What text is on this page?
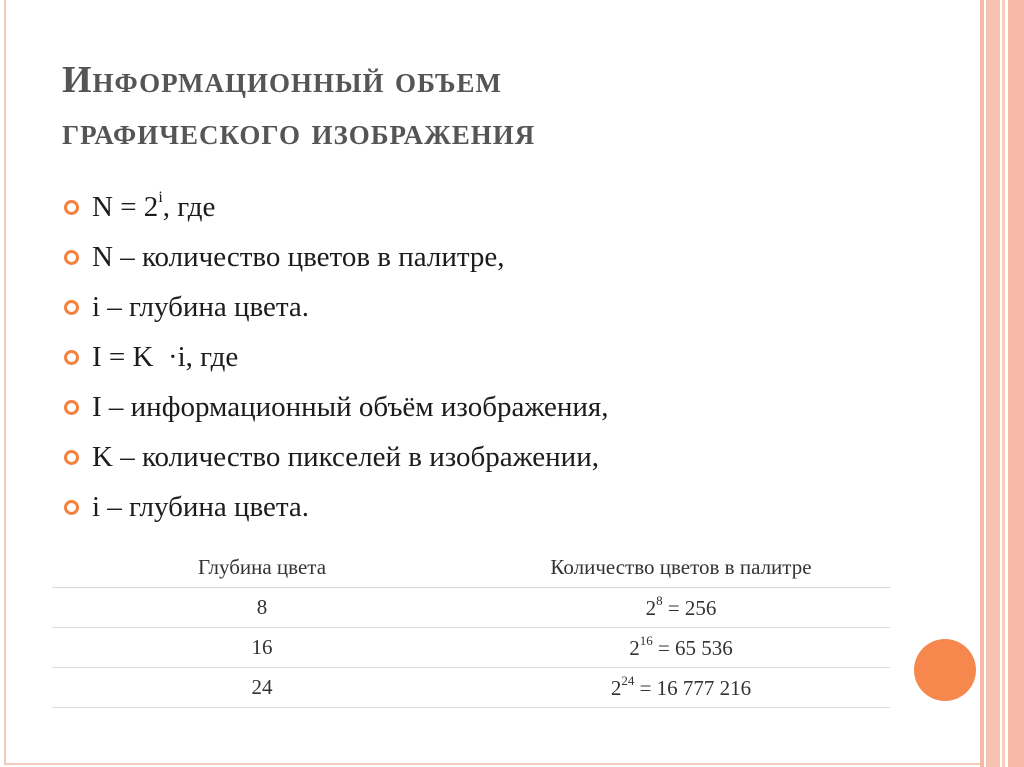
Информационный объем
графического изображения
$N = 2^i$, где
N – количество цветов в палитре,
i – глубина цвета.
I = K  ·i, где
I – информационный объём изображения,
K – количество пикселей в изображении,
i – глубина цвета.
Глубина цвета	Количество цветов в палитре
8	$2^8 = 256$
16	$2^{16} = 65$ 536
24	$2^{24} = 16$ 777 216
